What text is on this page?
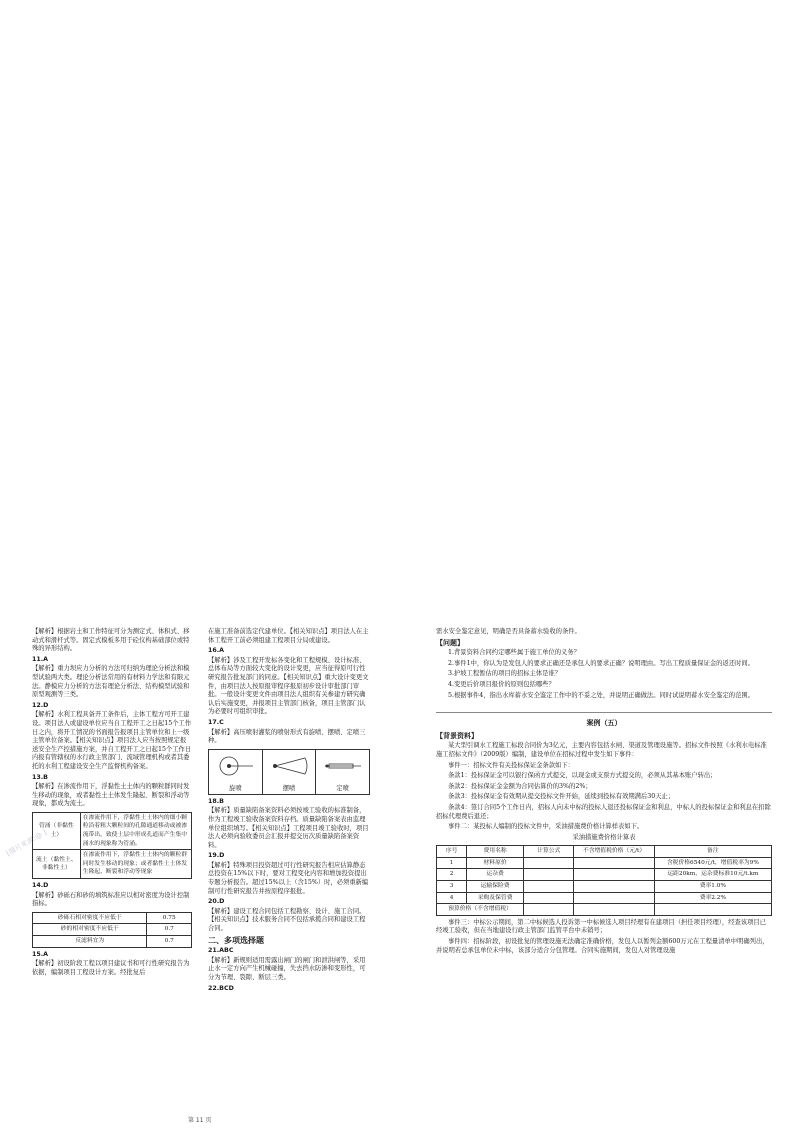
[图片来源:@ ]

【解析】根据岩土和工作特征可分为测定式、体积式、移动式和滑杆式等。固定式模板多用于砼仪构基础部位或特殊的异形结构。

11.A

【解析】重力坝应力分析的方法可归纳为理论分析法和模型试验两大类。理论分析法常用的有材料力学法和有限元法。静模应力分析的方法有理论分析法、结构模型试验和原型观测等三类。

12.D

【解析】水利工程具备开工条件后，主体工程方可开工建设。项目法人或建设单位应当自工程开工之日起15个工作日之内，将开工情况的书面报告报项目主管单位和上一级主管单位备案。【相关知识点】项目法人应当按照规定报送安全生产控措施方案，并自工程开工之日起15个工作日内报有管辖权的水行政主管部门、流域管理机构或者其委托的水利工程建设安全生产监督机构备案。

13.B

【解析】在渗流作用下，浮黏性土土体内的颗粒群同时发生移动的现象，或者黏性土土体发生隆起、断裂和浮动等现象，都成为流土。

管涌（非黏性土）	在渗流作用下，浮黏性土土体内的细小颗粒沿着粗大颗粒间的孔隙通道移动或被渗流带出，致使土层中形成孔道而产生集中涌水的现象称为管涌。
流土（黏性土、非黏性土）	在渗流作用下，浮黏性土土体内的颗粒群同时发生移动的现象；或者黏性土土体发生隆起、断裂和浮动等现象
14.D

【解析】砂砾石和砂的填筑标准应以相对密度为设计控制指标。

砂砾石相对密度不应低于	0.75
砂的相对密度不应低于	0.7
反滤料宜为	0.7
15.A

【解析】初设阶段工程以项目建议书和可行性研究报告为依据，编制项目工程设计方案。经批复后

在施工准备前选定代建单位。【相关知识点】项目法人在主体工程开工前必须组建工程项目分局或建设。

16.A

【解析】涉及工程开发标各变化和工程规模、设计标准、总体布局等方面较大变化的设计变更，应当征得原可行性研究报告批复部门的同意。【相关知识点】重大设计变更文件，由项目法人按原报审程序报原初步设计审批部门审批。一般设计变更文件由项目法人组织有关参建方研究确认后实施变更，并报项目主管部门核备，项目主管部门认为必要时可组织审批。

17.C

【解析】高压喷射灌浆的喷射形式有旋喷、摆喷、定喷三种。

旋喷	摆喷	定喷
18.B

【解析】质量缺陷备案资料必须按竣工验收的标准制备，作为工程竣工验收备案资料存档。质量缺陷备案表由监理单位组织填写。【相关知识点】工程项目竣工验收时，项目法人必须向验收委员会汇报并提交历次质量缺陷备案资料。

19.D

【解析】特殊项目投资超过可行性研究报告相应估算静态总投资在15%以下时，要对工程变化内容和增加投资提出专题分析报告。超过15%以上（含15%）时，必须重新编制可行性研究报告并按原程序报批。

20.D

【解析】建设工程合同包括工程勘察、设计、施工合同。【相关知识点】技术服务合同不包括承揽合同和建设工程合同。

二、多项选择题
21.ABC

【解析】新规则适用需露出闸门的闸门和泄洪闸等，采用止水一定方向产生机械碰撞，失去挡水防渗和变形性，可分为节理、裂隙、断层三类。

22.BCD
第 11 页

需水安全鉴定意见，明确是否具备蓄水验收的条件。

【问题】

1.背景资料合同约定哪些属于施工单位的义务？

2.事件1中，你认为是发包人的要求正确还是承包人的要求正确？说明理由。写出工程质量保证金的返还时间。

3.护坡工程暂估的项目的招标主体是谁？

4.变更后价项目报价的原则包括哪些？

5.根据事件4，指出水库蓄水安全鉴定工作中的不妥之处，并说明正确做法。同时试说明蓄水安全鉴定的范围。

案例（五）
【背景资料】

某大型引调水工程施工标段合同价为3亿元，主要内容包括水闸、渠道及管理设施等。招标文件按照《水利水电标准施工招标文件》（2009版）编制，建设单位在招标过程中发生如下事件：

事件一：招标文件有关投标保证金条款如下：

条款1：投标保证金可以银行保函方式提交，以现金或支票方式提交的，必须从其基本账户转出；

条款2：投标保证金金额为合同估算价的3%的2%；

条款3：投标保证金有效期从提交投标文件开始，延续到投标有效期满后30天止；

条款4：签订合同5个工作日内，招标人向未中标的投标人退还投标保证金和利息，中标人的投标保证金和利息在扣除招标代理费后退还；

事件二：某投标人编制的投标文件中，采油措施费价格计算样表如下。

采油措施费价格计算表
序号	费用名称	计算公式	不含增值税价格（元/t）	备注
1	材料原价			含税价格6540元/t，增值税率为9%
2	运杂费			运距20km，运杂费标准10元/t.km
3	运输保险费			费率1.0%
4	采购及保管费			费率2.2%
预算价格（不含增值税）				

事件三：中标公示期间，第二中标候选人投诉第一中标候选人项目经理有在建项目（担任项目经理），经查该项目已经竣工验收，但在当地建设行政主管部门监管平台中未销号；

事件四：招标阶段，初设批复的管理设施无法确定准确价格，发包人以暂列金额600万元在工程量清单中明确列出，并说明若总承包单位未中标，该部分适合分包管理。合同实施期间，发包人对管理设施
